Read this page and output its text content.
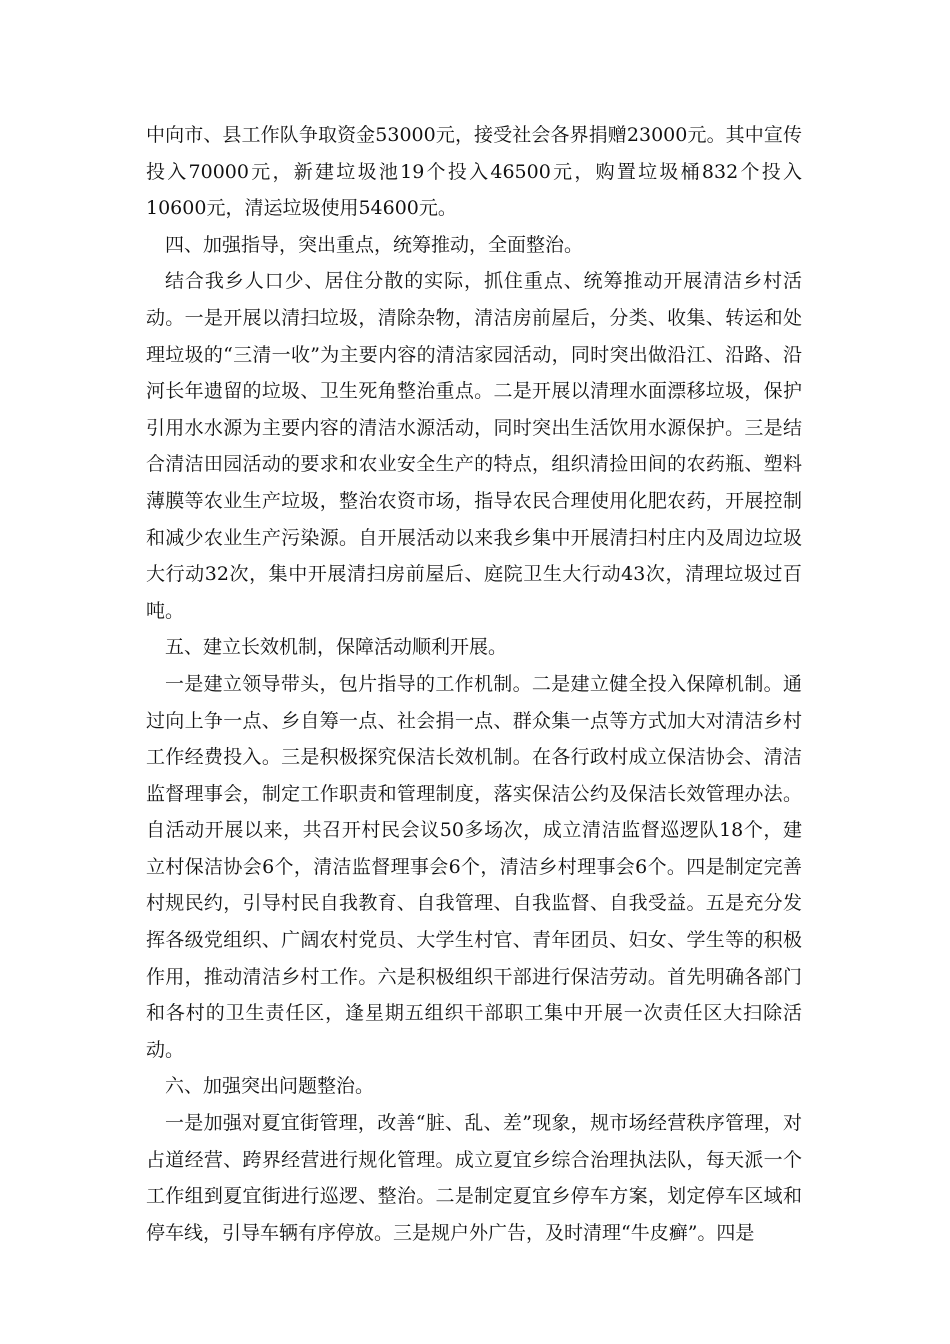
中向市、县工作队争取资金53000元，接受社会各界捐赠23000元。其中宣传投入70000元，新建垃圾池19个投入46500元，购置垃圾桶832个投入10600元，清运垃圾使用54600元。

四、加强指导，突出重点，统筹推动，全面整治。

结合我乡人口少、居住分散的实际，抓住重点、统筹推动开展清洁乡村活动。一是开展以清扫垃圾，清除杂物，清洁房前屋后，分类、收集、转运和处理垃圾的“三清一收”为主要内容的清洁家园活动，同时突出做沿江、沿路、沿河长年遗留的垃圾、卫生死角整治重点。二是开展以清理水面漂移垃圾，保护引用水水源为主要内容的清洁水源活动，同时突出生活饮用水源保护。三是结合清洁田园活动的要求和农业安全生产的特点，组织清捡田间的农药瓶、塑料薄膜等农业生产垃圾，整治农资市场，指导农民合理使用化肥农药，开展控制和减少农业生产污染源。自开展活动以来我乡集中开展清扫村庄内及周边垃圾大行动32次，集中开展清扫房前屋后、庭院卫生大行动43次，清理垃圾过百吨。

五、建立长效机制，保障活动顺利开展。

一是建立领导带头，包片指导的工作机制。二是建立健全投入保障机制。通过向上争一点、乡自筹一点、社会捐一点、群众集一点等方式加大对清洁乡村工作经费投入。三是积极探究保洁长效机制。在各行政村成立保洁协会、清洁监督理事会，制定工作职责和管理制度，落实保洁公约及保洁长效管理办法。自活动开展以来，共召开村民会议50多场次，成立清洁监督巡逻队18个，建立村保洁协会6个，清洁监督理事会6个，清洁乡村理事会6个。四是制定完善村规民约，引导村民自我教育、自我管理、自我监督、自我受益。五是充分发挥各级党组织、广阔农村党员、大学生村官、青年团员、妇女、学生等的积极作用，推动清洁乡村工作。六是积极组织干部进行保洁劳动。首先明确各部门和各村的卫生责任区，逢星期五组织干部职工集中开展一次责任区大扫除活动。

六、加强突出问题整治。

一是加强对夏宜街管理，改善“脏、乱、差”现象，规市场经营秩序管理，对占道经营、跨界经营进行规化管理。成立夏宜乡综合治理执法队，每天派一个工作组到夏宜街进行巡逻、整治。二是制定夏宜乡停车方案，划定停车区域和停车线，引导车辆有序停放。三是规户外广告，及时清理“牛皮癣”。四是
